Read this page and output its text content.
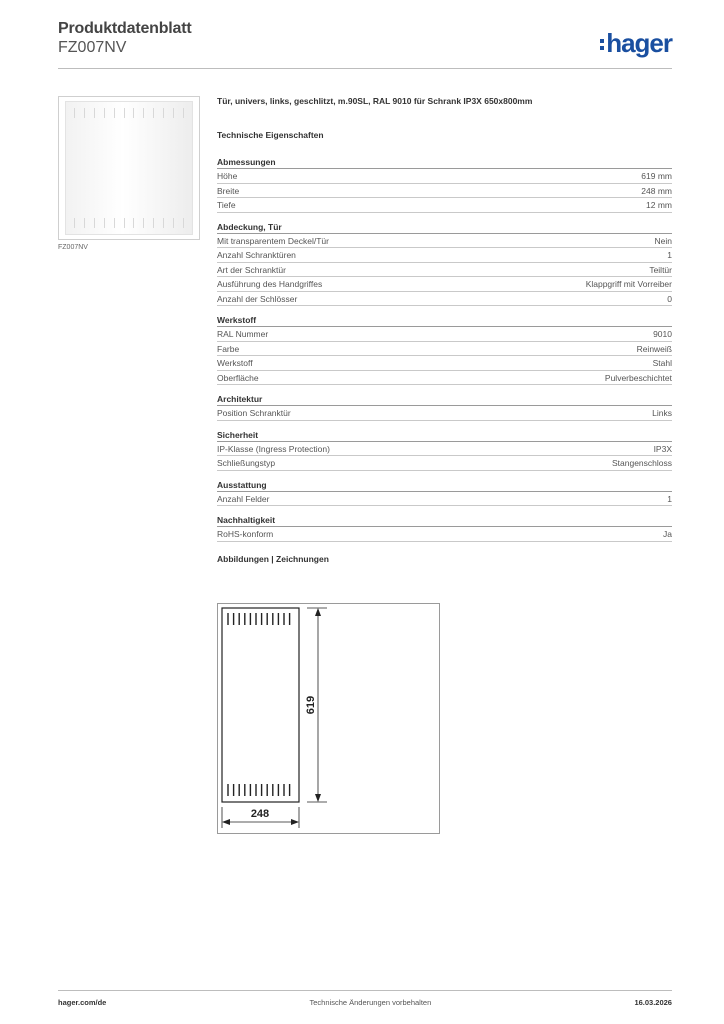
Produktdatenblatt
FZ007NV	hager
FZ007NV
Tür, univers, links, geschlitzt, m.90SL, RAL 9010 für Schrank IP3X 650x800mm
Technische Eigenschaften
Abmessungen
Höhe	619 mm
Breite	248 mm
Tiefe	12 mm
Abdeckung, Tür
Mit transparentem Deckel/Tür	Nein
Anzahl Schranktüren	1
Art der Schranktür	Teiltür
Ausführung des Handgriffes	Klappgriff mit Vorreiber
Anzahl der Schlösser	0
Werkstoff
RAL Nummer	9010
Farbe	Reinweiß
Werkstoff	Stahl
Oberfläche	Pulverbeschichtet
Architektur
Position Schranktür	Links
Sicherheit
IP-Klasse (Ingress Protection)	IP3X
Schließungstyp	Stangenschloss
Ausstattung
Anzahl Felder	1
Nachhaltigkeit
RoHS-konform	Ja
Abbildungen | Zeichnungen
619
248
hager.com/de	Technische Änderungen vorbehalten	16.03.2026
